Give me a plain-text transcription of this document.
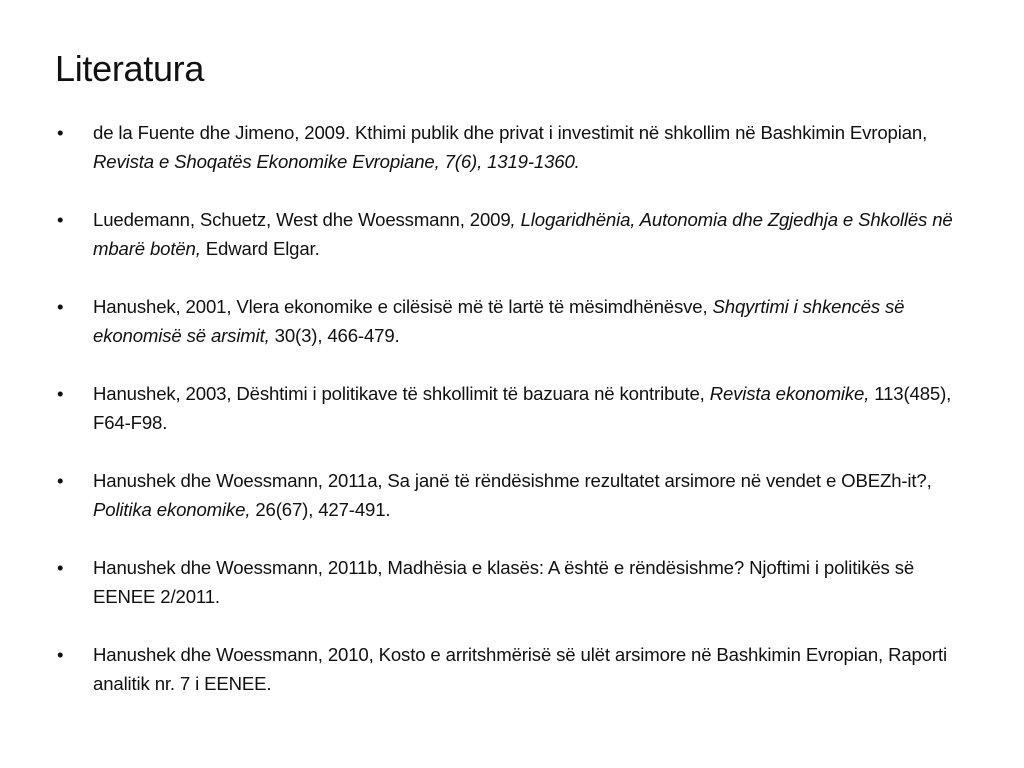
Literatura
• de la Fuente dhe Jimeno, 2009. Kthimi publik dhe privat i investimit në shkollim në Bashkimin Evropian, Revista e Shoqatës Ekonomike Evropiane, 7(6), 1319-1360.
• Luedemann, Schuetz, West dhe Woessmann, 2009, Llogaridhënia, Autonomia dhe Zgjedhja e Shkollës në mbarë botën, Edward Elgar.
• Hanushek, 2001, Vlera ekonomike e cilësisë më të lartë të mësimdhënësve, Shqyrtimi i shkencës së ekonomisë së arsimit, 30(3), 466-479.
• Hanushek, 2003, Dështimi i politikave të shkollimit të bazuara në kontribute, Revista ekonomike, 113(485), F64-F98.
• Hanushek dhe Woessmann, 2011a, Sa janë të rëndësishme rezultatet arsimore në vendet e OBEZh-it?, Politika ekonomike, 26(67), 427-491.
• Hanushek dhe Woessmann, 2011b, Madhësia e klasës: A është e rëndësishme? Njoftimi i politikës së EENEE 2/2011.
• Hanushek dhe Woessmann, 2010, Kosto e arritshmërisë së ulët arsimore në Bashkimin Evropian, Raporti analitik nr. 7 i EENEE.
